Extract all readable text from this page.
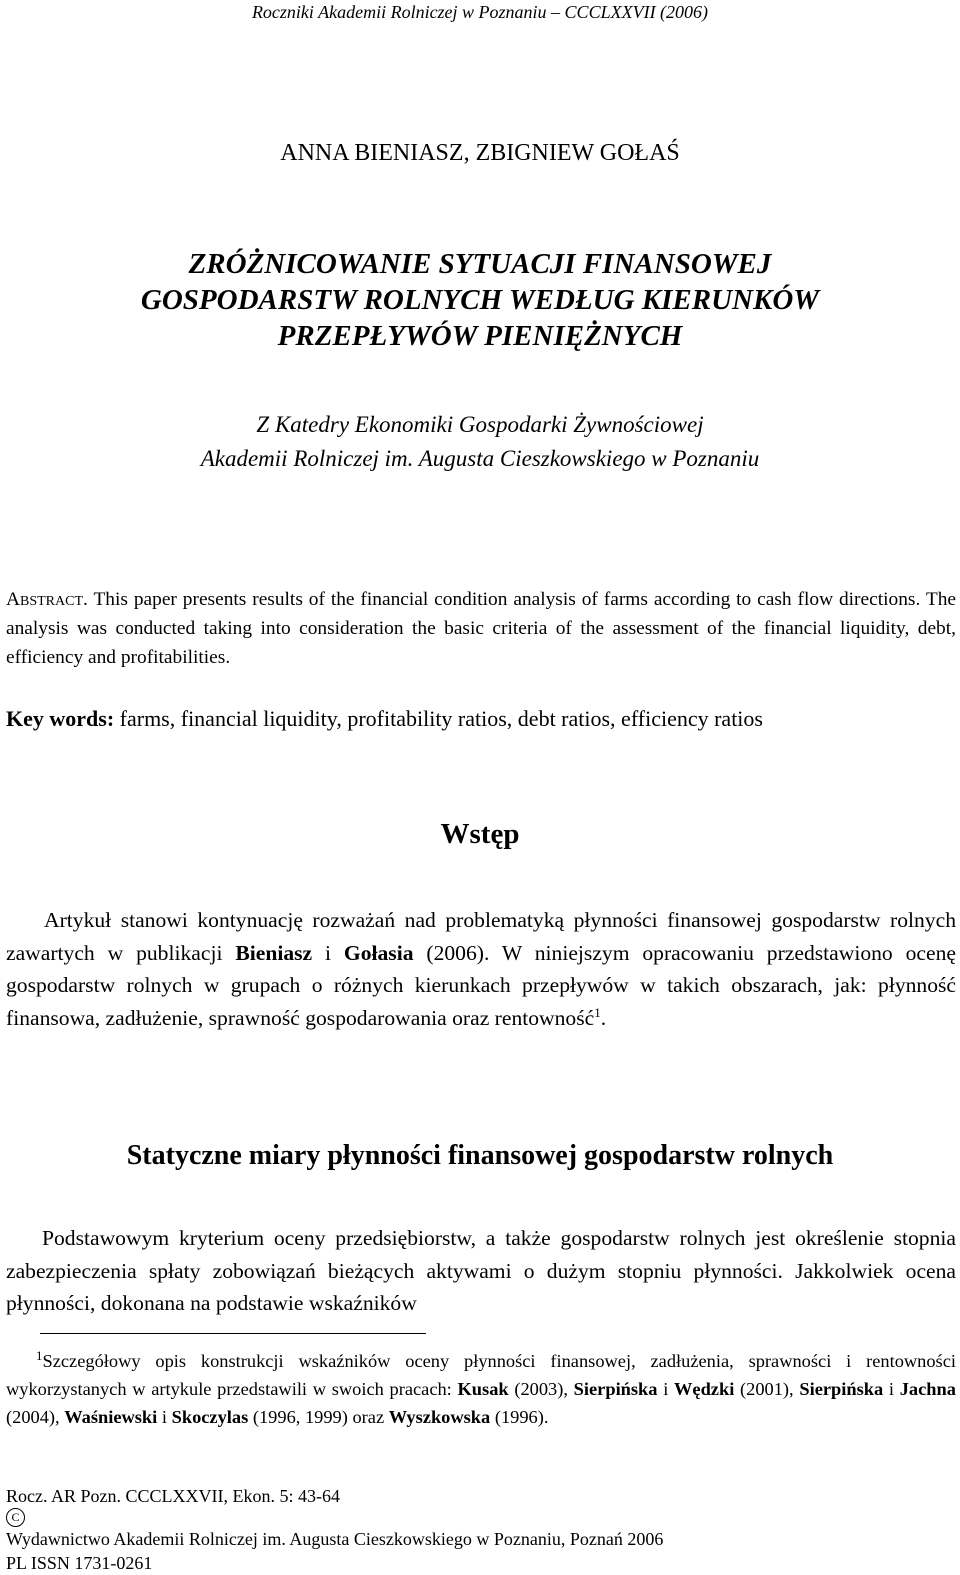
Roczniki Akademii Rolniczej w Poznaniu – CCCLXXVII (2006)
ANNA BIENIASZ, ZBIGNIEW GOŁAŚ
ZRÓŻNICOWANIE SYTUACJI FINANSOWEJ
GOSPODARSTW ROLNYCH WEDŁUG KIERUNKÓW
PRZEPŁYWÓW PIENIĘŻNYCH
Z Katedry Ekonomiki Gospodarki Żywnościowej
Akademii Rolniczej im. Augusta Cieszkowskiego w Poznaniu
Abstract. This paper presents results of the financial condition analysis of farms according to cash flow directions. The analysis was conducted taking into consideration the basic criteria of the assessment of the financial liquidity, debt, efficiency and profitabilities.
Key words: farms, financial liquidity, profitability ratios, debt ratios, efficiency ratios
Wstęp
Artykuł stanowi kontynuację rozważań nad problematyką płynności finansowej gospodarstw rolnych zawartych w publikacji Bieniasz i Gołasia (2006). W niniejszym opracowaniu przedstawiono ocenę gospodarstw rolnych w grupach o różnych kierunkach przepływów w takich obszarach, jak: płynność finansowa, zadłużenie, sprawność gospodarowania oraz rentowność$^1$.
Statyczne miary płynności finansowej gospodarstw rolnych
Podstawowym kryterium oceny przedsiębiorstw, a także gospodarstw rolnych jest określenie stopnia zabezpieczenia spłaty zobowiązań bieżących aktywami o dużym stopniu płynności. Jakkolwiek ocena płynności, dokonana na podstawie wskaźników
$^1$Szczegółowy opis konstrukcji wskaźników oceny płynności finansowej, zadłużenia, sprawności i rentowności wykorzystanych w artykule przedstawili w swoich pracach: Kusak (2003), Sierpińska i Wędzki (2001), Sierpińska i Jachna (2004), Waśniewski i Skoczylas (1996, 1999) oraz Wyszkowska (1996).
Rocz. AR Pozn. CCCLXXVII, Ekon. 5: 43-64
C
Wydawnictwo Akademii Rolniczej im. Augusta Cieszkowskiego w Poznaniu, Poznań 2006
PL ISSN 1731-0261
